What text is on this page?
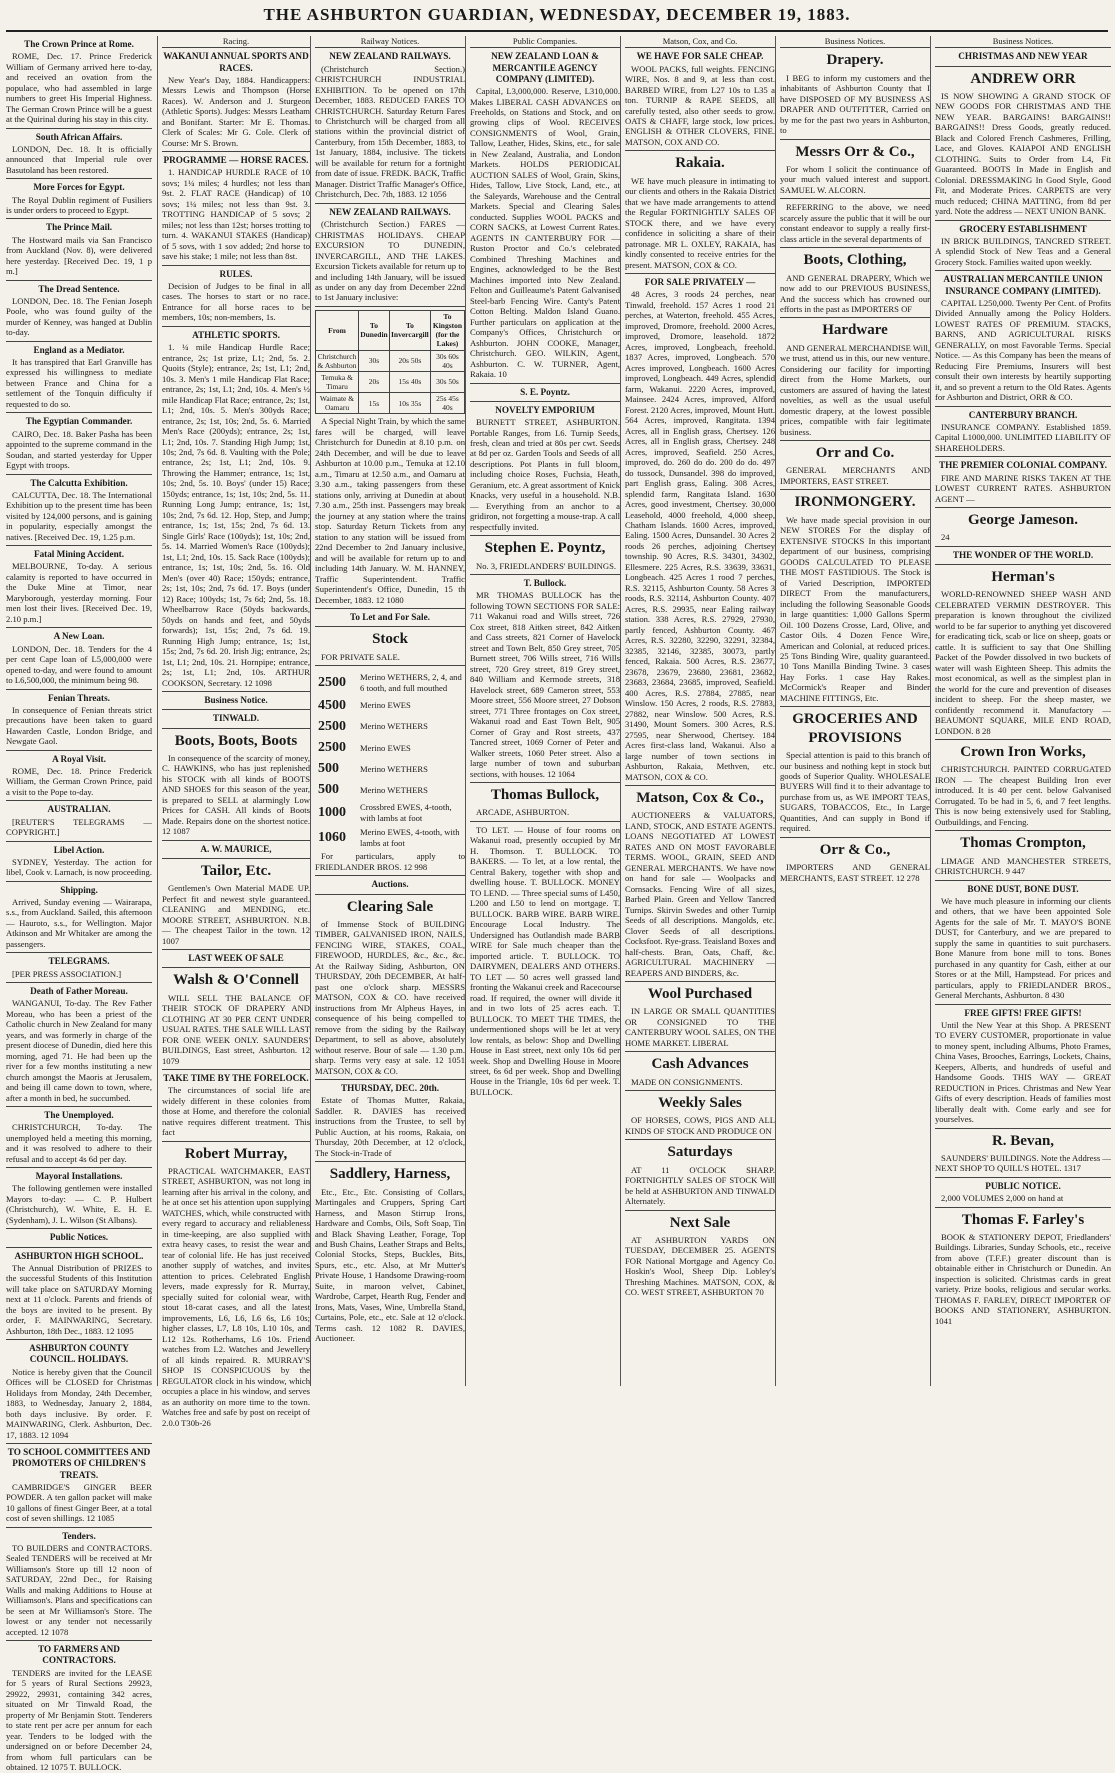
THE ASHBURTON GUARDIAN, WEDNESDAY, DECEMBER 19, 1883.
The Crown Prince at Rome.

ROME, Dec. 17. Prince Frederick William of Germany arrived here to-day, and received an ovation from the populace, who had assembled in large numbers to greet His Imperial Highness. The German Crown Prince will be a guest at the Quirinal during his stay in this city.

South African Affairs.

LONDON, Dec. 18. It is officially announced that Imperial rule over Basutoland has been restored.

More Forces for Egypt.

The Royal Dublin regiment of Fusiliers is under orders to proceed to Egypt.

The Prince Mail.

The Hostward mails via San Francisco from Auckland (Nov. 8), were delivered here yesterday. [Received Dec. 19, 1 p m.]

The Dread Sentence.

LONDON, Dec. 18. The Fenian Joseph Poole, who was found guilty of the murder of Kenney, was hanged at Dublin to-day.

England as a Mediator.

It has transpired that Earl Granville has expressed his willingness to mediate between France and China for a settlement of the Tonquin difficulty if requested to do so.

The Egyptian Commander.

CAIRO, Dec. 18. Baker Pasha has been appointed to the supreme command in the Soudan, and started yesterday for Upper Egypt with troops.

The Calcutta Exhibition.

CALCUTTA, Dec. 18. The International Exhibition up to the present time has been visited by 124,000 persons, and is gaining in popularity, especially amongst the natives. [Received Dec. 19, 1.25 p.m.

Fatal Mining Accident.

MELBOURNE, To-day. A serious calamity is reported to have occurred in the Duke Mine at Timor, near Maryborough, yesterday morning. Four men lost their lives. [Received Dec. 19, 2.10 p.m.]

A New Loan.

LONDON, Dec. 18. Tenders for the 4 per cent Cape loan of L5,000,000 were opened to-day, and were found to amount to L6,500,000, the minimum being 98.

Fenian Threats.

In consequence of Fenian threats strict precautions have been taken to guard Hawarden Castle, London Bridge, and Newgate Gaol.

A Royal Visit.

ROME, Dec. 18. Prince Frederick William, the German Crown Prince, paid a visit to the Pope to-day.

AUSTRALIAN.

[REUTER'S TELEGRAMS — COPYRIGHT.]

Libel Action.

SYDNEY, Yesterday. The action for libel, Cook v. Larnach, is now proceeding.

Shipping.

Arrived, Sunday evening — Wairarapa, s.s., from Auckland. Sailed, this afternoon — Hauroto, s.s., for Wellington. Major Atkinson and Mr Whitaker are among the passengers.

TELEGRAMS.

[PER PRESS ASSOCIATION.]

Death of Father Moreau.

WANGANUI, To-day. The Rev Father Moreau, who has been a priest of the Catholic church in New Zealand for many years, and was formerly in charge of the present diocese of Dunedin, died here this morning, aged 71. He had been up the river for a few months instituting a new church amongst the Maoris at Jerusalem, and being ill came down to town, where, after a month in bed, he succumbed.

The Unemployed.

CHRISTCHURCH, To-day. The unemployed held a meeting this morning, and it was resolved to adhere to their refusal and to accept 4s 6d per day.

Mayoral Installations.

The following gentlemen were installed Mayors to-day: — C. P. Hulbert (Christchurch), W. White, E. H. E. (Sydenham), J. L. Wilson (St Albans).

Public Notices.
ASHBURTON HIGH SCHOOL.

The Annual Distribution of PRIZES to the successful Students of this Institution will take place on SATURDAY Morning next at 11 o'clock. Parents and friends of the boys are invited to be present. By order, F. MAINWARING, Secretary. Ashburton, 18th Dec., 1883. 12 1095

ASHBURTON COUNTY COUNCIL. HOLIDAYS.

Notice is hereby given that the Council Offices will be CLOSED for Christmas Holidays from Monday, 24th December, 1883, to Wednesday, January 2, 1884, both days inclusive. By order. F. MAINWARING, Clerk. Ashburton, Dec. 17, 1883. 12 1094

TO SCHOOL COMMITTEES AND PROMOTERS OF CHILDREN'S TREATS.

CAMBRIDGE'S GINGER BEER POWDER. A ten gallon packet will make 10 gallons of finest Ginger Beer, at a total cost of seven shillings. 12 1085

Tenders.

TO BUILDERS and CONTRACTORS. Sealed TENDERS will be received at Mr Williamson's Store up till 12 noon of SATURDAY, 22nd Dec., for Raising Walls and making Additions to House at Williamson's. Plans and specifications can be seen at Mr Williamson's Store. The lowest or any tender not necessarily accepted. 12 1078

TO FARMERS AND CONTRACTORS.

TENDERS are invited for the LEASE for 5 years of Rural Sections 29923, 29922, 29931, containing 342 acres, situated on Mr Tinwald Road, the property of Mr Benjamin Stott. Tenderers to state rent per acre per annum for each year. Tenders to be lodged with the undersigned on or before December 24, from whom full particulars can be obtained. 12 1075 T. BULLOCK.

Racing.
WAKANUI ANNUAL SPORTS AND RACES.

New Year's Day, 1884. Handicappers: Messrs Lewis and Thompson (Horse Races). W. Anderson and J. Sturgeon (Athletic Sports). Judges: Messrs Leatham and Bonifant. Starter: Mr E. Thomas. Clerk of Scales: Mr G. Cole. Clerk of Course: Mr S. Brown.

PROGRAMME — HORSE RACES.

1. HANDICAP HURDLE RACE of 10 sovs; 1¼ miles; 4 hurdles; not less than 9st. 2. FLAT RACE (Handicap) of 10 sovs; 1¼ miles; not less than 9st. 3. TROTTING HANDICAP of 5 sovs; 2 miles; not less than 12st; horses trotting to turn. 4. WAKANUI STAKES (Handicap) of 5 sovs, with 1 sov added; 2nd horse to save his stake; 1 mile; not less than 8st.

RULES.

Decision of Judges to be final in all cases. The horses to start or no race. Entrance for all horse races to be members, 10s; non-members, 1s.

ATHLETIC SPORTS.

1. ¼ mile Handicap Hurdle Race; entrance, 2s; 1st prize, L1; 2nd, 5s. 2. Quoits (Style); entrance, 2s; 1st, L1; 2nd, 10s. 3. Men's 1 mile Handicap Flat Race; entrance, 2s; 1st, L1; 2nd, 10s. 4. Men's ½ mile Handicap Flat Race; entrance, 2s; 1st, L1; 2nd, 10s. 5. Men's 300yds Race; entrance, 2s; 1st, 10s; 2nd, 5s. 6. Married Men's Race (200yds); entrance, 2s; 1st, L1; 2nd, 10s. 7. Standing High Jump; 1st, 10s; 2nd, 7s 6d. 8. Vaulting with the Pole; entrance, 2s; 1st, L1; 2nd, 10s. 9. Throwing the Hammer; entrance, 1s; 1st, 10s; 2nd, 5s. 10. Boys' (under 15) Race; 150yds; entrance, 1s; 1st, 10s; 2nd, 5s. 11. Running Long Jump; entrance, 1s; 1st, 10s; 2nd, 7s 6d. 12. Hop, Step, and Jump; entrance, 1s; 1st, 15s; 2nd, 7s 6d. 13. Single Girls' Race (100yds); 1st, 10s; 2nd, 5s. 14. Married Women's Race (100yds); 1st, L1; 2nd, 10s. 15. Sack Race (100yds); entrance, 1s; 1st, 10s; 2nd, 5s. 16. Old Men's (over 40) Race; 150yds; entrance, 2s; 1st, 10s; 2nd, 7s 6d. 17. Boys (under 12) Race; 100yds; 1st, 7s 6d; 2nd, 5s. 18. Wheelbarrow Race (50yds backwards, 50yds on hands and feet, and 50yds forwards); 1st, 15s; 2nd, 7s 6d. 19. Running High Jump; entrance, 1s; 1st, 15s; 2nd, 7s 6d. 20. Irish Jig; entrance, 2s; 1st, L1; 2nd, 10s. 21. Hornpipe; entrance, 2s; 1st, L1; 2nd, 10s. ARTHUR COOKSON, Secretary. 12 1098

Business Notice.
TINWALD.
Boots, Boots, Boots

In consequence of the scarcity of money, C. HAWKINS, who has just replenished his STOCK with all kinds of BOOTS AND SHOES for this season of the year, is prepared to SELL at alarmingly Low Prices for CASH. All kinds of Boots Made. Repairs done on the shortest notice. 12 1087

A. W. MAURICE,
Tailor, Etc.

Gentlemen's Own Material MADE UP. Perfect fit and newest style guaranteed. CLEANING and MENDING, etc. MOORE STREET, ASHBURTON. N.B. — The cheapest Tailor in the town. 12 1007

LAST WEEK OF SALE
Walsh & O'Connell

WILL SELL THE BALANCE OF THEIR STOCK OF DRAPERY AND CLOTHING AT 30 PER CENT UNDER USUAL RATES. THE SALE WILL LAST FOR ONE WEEK ONLY. SAUNDERS' BUILDINGS, East street, Ashburton. 12 1079

TAKE TIME BY THE FORELOCK.

The circumstances of social life are widely different in these colonies from those at Home, and therefore the colonial native requires different treatment. This fact

Robert Murray,

PRACTICAL WATCHMAKER, EAST STREET, ASHBURTON, was not long in learning after his arrival in the colony, and he at once set his attention upon supplying WATCHES, which, while constructed with every regard to accuracy and reliableness in time-keeping, are also supplied with extra heavy cases, to resist the wear and tear of colonial life. He has just received another supply of watches, and invites attention to prices. Celebrated English levers, made expressly for R. Murray, specially suited for colonial wear, with stout 18-carat cases, and all the latest improvements, L6, L6, L6 6s, L6 10s; higher classes, L7, L8 10s, L10 10s, and L12 12s. Rotherhams, L6 10s. Friend watches from L2. Watches and Jewellery of all kinds repaired. R. MURRAY'S SHOP IS CONSPICUOUS by the REGULATOR clock in his window, which occupies a place in his window, and serves as an authority on more time to the town. Watches free and safe by post on receipt of 2.0.0 T30b-26

Railway Notices.
NEW ZEALAND RAILWAYS.

(Christchurch Section.) CHRISTCHURCH INDUSTRIAL EXHIBITION. To be opened on 17th December, 1883. REDUCED FARES TO CHRISTCHURCH. Saturday Return Fares to Christchurch will be charged from all stations within the provincial district of Canterbury, from 15th December, 1883, to 1st January, 1884, inclusive. The tickets will be available for return for a fortnight from date of issue. FREDK. BACK, Traffic Manager. District Traffic Manager's Office, Christchurch, Dec. 7th, 1883. 12 1056

NEW ZEALAND RAILWAYS.

(Christchurch Section.) FARES — CHRISTMAS HOLIDAYS. CHEAP EXCURSION TO DUNEDIN, INVERCARGILL, AND THE LAKES. Excursion Tickets available for return up to and including 14th January, will be issued as under on any day from December 22nd to 1st January inclusive:

From	To Dunedin	To Invercargill	To Kingston (for the Lakes)
Christchurch & Ashburton	30s	20s 50s	30s 60s 40s
Temuka & Timaru	20s	15s 40s	30s 50s
Waimate & Oamaru	15s	10s 35s	25s 45s 40s

A Special Night Train, by which the same fares will be charged, will leave Christchurch for Dunedin at 8.10 p.m. on 24th December, and will be due to leave Ashburton at 10.00 p.m., Temuka at 12.10 a.m., Timaru at 12.50 a.m., and Oamaru at 3.30 a.m., taking passengers from these stations only, arriving at Dunedin at about 7.30 a.m., 25th inst. Passengers may break the journey at any station where the trains stop. Saturday Return Tickets from any station to any station will be issued from 22nd December to 2nd January inclusive, and will be available for return up to and including 14th January. W. M. HANNEY, Traffic Superintendent. Traffic Superintendent's Office, Dunedin, 15 th December, 1883. 12 1080

To Let and For Sale.
Stock

FOR PRIVATE SALE.

2500	Merino WETHERS, 2, 4, and 6 tooth, and full mouthed
4500	Merino EWES
2500	Merino WETHERS
2500	Merino EWES
500	Merino WETHERS
500	Merino WETHERS
1000	Crossbred EWES, 4-tooth, with lambs at foot
1060	Merino EWES, 4-tooth, with lambs at foot

For particulars, apply to FRIEDLANDER BROS. 12 998

Auctions.
Clearing Sale

of Immense Stock of BUILDING TIMBER, GALVANISED IRON, NAILS, FENCING WIRE, STAKES, COAL, FIREWOOD, HURDLES, &c., &c., &c. At the Railway Siding, Ashburton, ON THURSDAY, 20th DECEMBER, At half-past one o'clock sharp. MESSRS MATSON, COX & CO. have received instructions from Mr Alpheus Hayes, in consequence of his being compelled to remove from the siding by the Railway Department, to sell as above, absolutely without reserve. Bour of sale — 1.30 p.m. sharp. Terms very easy at sale. 12 1051 MATSON, COX & CO.

THURSDAY, DEC. 20th.

Estate of Thomas Mutter, Rakaia, Saddler. R. DAVIES has received instructions from the Trustee, to sell by Public Auction, at his rooms, Rakaia, on Thursday, 20th December, at 12 o'clock, The Stock-in-Trade of

Saddlery, Harness,

Etc., Etc., Etc. Consisting of Collars, Martingales and Cruppers, Spring Cart Harness, and Mason Stirrup Irons, Hardware and Combs, Oils, Soft Soap, Tin and Black Shaving Leather, Forage, Top and Bush Chains, Leather Straps and Belts, Colonial Stocks, Steps, Buckles, Bits, Spurs, etc., etc. Also, at Mr Mutter's Private House, 1 Handsome Drawing-room Suite, in maroon velvet, Cabinet, Wardrobe, Carpet, Hearth Rug, Fender and Irons, Mats, Vases, Wine, Umbrella Stand, Curtains, Pole, etc., etc. Sale at 12 o'clock. Terms cash. 12 1082 R. DAVIES, Auctioneer.

Public Companies.
NEW ZEALAND LOAN & MERCANTILE AGENCY COMPANY (LIMITED).

Capital, L3,000,000. Reserve, L310,000. Makes LIBERAL CASH ADVANCES on Freeholds, on Stations and Stock, and on growing clips of Wool. RECEIVES CONSIGNMENTS of Wool, Grain, Tallow, Leather, Hides, Skins, etc., for sale in New Zealand, Australia, and London Markets. HOLDS PERIODICAL AUCTION SALES of Wool, Grain, Skins, Hides, Tallow, Live Stock, Land, etc., at the Saleyards, Warehouse and the Central Markets. Special and Clearing Sales conducted. Supplies WOOL PACKS and CORN SACKS, at Lowest Current Rates. AGENTS IN CANTERBURY FOR — Ruston Proctor and Co.'s celebrated Combined Threshing Machines and Engines, acknowledged to be the Best Machines imported into New Zealand. Felton and Guilleaume's Patent Galvanised Steel-barb Fencing Wire. Canty's Patent Cotton Belting. Maldon Island Guano. Further particulars on application at the Company's Offices, Christchurch or Ashburton. JOHN COOKE, Manager, Christchurch. GEO. WILKIN, Agent, Ashburton. C. W. TURNER, Agent, Rakaia. 10

S. E. Poyntz.
NOVELTY EMPORIUM

BURNETT STREET, ASHBURTON. Portable Ranges, from L6. Turnip Seeds, fresh, clean and tried at 80s per cwt. Seeds at 8d per oz. Garden Tools and Seeds of all descriptions. Pot Plants in full bloom, including choice Roses, Fuchsia, Heath, Geranium, etc. A great assortment of Knick Knacks, very useful in a household. N.B. — Everything from an anchor to a gridiron, not forgetting a mouse-trap. A call respectfully invited.

Stephen E. Poyntz,

No. 3, FRIEDLANDERS' BUILDINGS.

T. Bullock.

MR THOMAS BULLOCK has the following TOWN SECTIONS FOR SALE: 711 Wakanui road and Wills street, 726 Cox street, 818 Aitken street, 842 Aitken and Cass streets, 821 Corner of Havelock street and Town Belt, 850 Grey street, 705 Burnett street, 706 Wills street, 716 Wills street, 720 Grey street, 819 Grey street, 840 William and Kermode streets, 318 Havelock street, 689 Cameron street, 553 Moore street, 556 Moore street, 27 Dobson street, 771 Three frontages on Cox street, Wakanui road and East Town Belt, 905 Corner of Gray and Rost streets, 437 Tancred street, 1069 Corner of Peter and Walker streets, 1060 Peter street. Also a large number of town and suburban sections, with houses. 12 1064

Thomas Bullock,

ARCADE, ASHBURTON.

TO LET. — House of four rooms on Wakanui road, presently occupied by Mr H. Thomson. T. BULLOCK. TO BAKERS. — To let, at a low rental, the Central Bakery, together with shop and dwelling house. T. BULLOCK. MONEY TO LEND. — Three special sums of L450, L200 and L50 to lend on mortgage. T. BULLOCK. BARB WIRE. BARB WIRE. Encourage Local Industry. The Undersigned has Outlandish made BARB WIRE for Sale much cheaper than the imported article. T. BULLOCK. TO DAIRYMEN, DEALERS AND OTHERS. TO LET — 50 acres well grassed land fronting the Wakanui creek and Racecourse road. If required, the owner will divide it and in two lots of 25 acres each. T. BULLOCK. TO MEET THE TIMES, the undermentioned shops will be let at very low rentals, as below: Shop and Dwelling House in East street, next only 10s 6d per week. Shop and Dwelling House in Moore street, 6s 6d per week. Shop and Dwelling House in the Triangle, 10s 6d per week. T. BULLOCK.

Matson, Cox, and Co.
WE HAVE FOR SALE CHEAP.

WOOL PACKS, full weights. FENCING WIRE, Nos. 8 and 9, at less than cost. BARBED WIRE, from L27 10s to L35 a ton. TURNIP & RAPE SEEDS, all carefully tested, also other seeds to grow. OATS & CHAFF, large stock, low prices. ENGLISH & OTHER CLOVERS, FINE. MATSON, COX AND CO.

Rakaia.

WE have much pleasure in intimating to our clients and others in the Rakaia District that we have made arrangements to attend the Regular FORTNIGHTLY SALES OF STOCK there, and we have every confidence in soliciting a share of their patronage. MR L. OXLEY, RAKAIA, has kindly consented to receive entries for the present. MATSON, COX & CO.

FOR SALE PRIVATELY —

48 Acres, 3 roods 24 perches, near Tinwald, freehold. 157 Acres 1 rood 21 perches, at Waterton, freehold. 455 Acres, improved, Dromore, freehold. 2000 Acres, improved, Dromore, leasehold. 1872 Acres, improved, Longbeach, freehold. 1837 Acres, improved, Longbeach. 570 Acres improved, Longbeach. 1600 Acres improved, Longbeach. 449 Acres, splendid farm, Wakanui. 2220 Acres, improved, Mainsee. 2424 Acres, improved, Alford Forest. 2120 Acres, improved, Mount Hutt. 564 Acres, improved, Rangitata. 1394 Acres, all in English grass, Chertsey. 126 Acres, all in English grass, Chertsey. 248 Acres, improved, Seafield. 250 Acres, improved, do. 260 do do. 200 do do. 497 do tussock, Dunsandel. 398 do improved, part English grass, Ealing. 308 Acres, splendid farm, Rangitata Island. 1630 Acres, good investment, Chertsey. 30,000 Leasehold, 4000 freehold, 4,000 sheep, Chatham Islands. 1600 Acres, improved, Ealing. 1500 Acres, Dunsandel. 30 Acres 2 roods 26 perches, adjoining Chertsey township. 90 Acres, R.S. 34301, 34302, Ellesmere. 225 Acres, R.S. 33639, 33631, Longbeach. 425 Acres 1 rood 7 perches, R.S. 32115, Ashburton County. 58 Acres 3 roods, R.S. 32114, Ashburton County. 407 Acres, R.S. 29935, near Ealing railway station. 338 Acres, R.S. 27929, 27930, partly fenced, Ashburton County. 467 Acres, R.S. 32280, 32290, 32291, 32384, 32385, 32146, 32385, 30073, partly fenced, Rakaia. 500 Acres, R.S. 23677, 23678, 23679, 23680, 23681, 23682, 23683, 23684, 23685, improved, Seafield. 400 Acres, R.S. 27884, 27885, near Winslow. 150 Acres, 2 roods, R.S. 27883, 27882, near Winslow. 500 Acres, R.S. 31490, Mount Somers. 300 Acres, R.S. 27595, near Sherwood, Chertsey. 184 Acres first-class land, Wakanui. Also a large number of town sections in Ashburton, Rakaia, Methven, etc. MATSON, COX & CO.

Matson, Cox & Co.,

AUCTIONEERS & VALUATORS, LAND, STOCK, AND ESTATE AGENTS. LOANS NEGOTIATED AT LOWEST RATES AND ON MOST FAVORABLE TERMS. WOOL, GRAIN, SEED AND GENERAL MERCHANTS. We have now on hand for sale — Woolpacks and Cornsacks. Fencing Wire of all sizes, Barbed Plain. Green and Yellow Tancred Turnips. Skirvin Swedes and other Turnip Seeds of all descriptions. Mangolds, etc. Clover Seeds of all descriptions. Cocksfoot. Rye-grass. Teaisland Boxes and half-chests. Bran, Oats, Chaff, &c. AGRICULTURAL MACHINERY — REAPERS AND BINDERS, &c.

Wool Purchased

IN LARGE OR SMALL QUANTITIES OR CONSIGNED TO THE CANTERBURY WOOL SALES, ON THE HOME MARKET. LIBERAL

Cash Advances

MADE ON CONSIGNMENTS.

Weekly Sales

OF HORSES, COWS, PIGS AND ALL KINDS OF STOCK AND PRODUCE ON

Saturdays

AT 11 O'CLOCK SHARP. FORTNIGHTLY SALES OF STOCK Will be held at ASHBURTON AND TINWALD Alternately.

Next Sale

AT ASHBURTON YARDS ON TUESDAY, DECEMBER 25. AGENTS FOR National Mortgage and Agency Co. Hoskin's Wool, Sheep Dip. Lobley's Threshing Machines. MATSON, COX, & CO. WEST STREET, ASHBURTON 70

Business Notices.
Drapery.

I BEG to inform my customers and the inhabitants of Ashburton County that I have DISPOSED OF MY BUSINESS AS DRAPER AND OUTFITTER, Carried on by me for the past two years in Ashburton, to

Messrs Orr & Co.,

For whom I solicit the continuance of your much valued interest and support. SAMUEL W. ALCORN.

REFERRING to the above, we need scarcely assure the public that it will be our constant endeavor to supply a really first-class article in the several departments of

Boots, Clothing,

AND GENERAL DRAPERY, Which we now add to our PREVIOUS BUSINESS, And the success which has crowned our efforts in the past as IMPORTERS OF

Hardware

AND GENERAL MERCHANDISE Will, we trust, attend us in this, our new venture. Considering our facility for importing direct from the Home Markets, our customers are assured of having the latest novelties, as well as the usual useful domestic drapery, at the lowest possible prices, compatible with fair legitimate business.

Orr and Co.

GENERAL MERCHANTS AND IMPORTERS, EAST STREET.

IRONMONGERY.

We have made special provision in our NEW STORES For the display of EXTENSIVE STOCKS In this important department of our business, comprising GOODS CALCULATED TO PLEASE THE MOST FASTIDIOUS. The Stock is of Varied Description, IMPORTED DIRECT From the manufacturers, including the following Seasonable Goods in large quantities: 1,000 Gallons Sperm Oil. 100 Dozens Crosse, Lard, Olive, and Castor Oils. 4 Dozen Fence Wire, American and Colonial, at reduced prices. 25 Tons Binding Wire, quality guaranteed. 10 Tons Manilla Binding Twine. 3 cases Hay Forks. 1 case Hay Rakes. McCormick's Reaper and Binder MACHINE FITTINGS, Etc.

GROCERIES AND PROVISIONS

Special attention is paid to this branch of our business and nothing kept in stock but goods of Superior Quality. WHOLESALE BUYERS Will find it to their advantage to purchase from us, as WE IMPORT TEAS, SUGARS, TOBACCOS, Etc., In Large Quantities, And can supply in Bond if required.

Orr & Co.,

IMPORTERS AND GENERAL MERCHANTS, EAST STREET. 12 278

Business Notices.
CHRISTMAS AND NEW YEAR
ANDREW ORR

IS NOW SHOWING A GRAND STOCK OF NEW GOODS FOR CHRISTMAS AND THE NEW YEAR. BARGAINS! BARGAINS!! BARGAINS!! Dress Goods, greatly reduced. Black and Colored French Cashmeres, Frilling, Lace, and Gloves. KAIAPOI AND ENGLISH CLOTHING. Suits to Order from L4, Fit Guaranteed. BOOTS In Made in English and Colonial. DRESSMAKING In Good Style, Good Fit, and Moderate Prices. CARPETS are very much reduced; CHINA MATTING, from 8d per yard. Note the address — NEXT UNION BANK.

GROCERY ESTABLISHMENT

IN BRICK BUILDINGS, TANCRED STREET. A splendid Stock of New Teas and a General Grocery Stock. Families waited upon weekly.

AUSTRALIAN MERCANTILE UNION INSURANCE COMPANY (LIMITED).

CAPITAL L250,000. Twenty Per Cent. of Profits Divided Annually among the Policy Holders. LOWEST RATES OF PREMIUM. STACKS, BARNS, AND AGRICULTURAL RISKS GENERALLY, on most Favorable Terms. Special Notice. — As this Company has been the means of Reducing Fire Premiums, Insurers will best consult their own interests by heartily supporting it, and so prevent a return to the Old Rates. Agents for Ashburton and District, ORR & CO.

CANTERBURY BRANCH.

INSURANCE COMPANY. Established 1859. Capital L1000,000. UNLIMITED LIABILITY OF SHAREHOLDERS.

THE PREMIER COLONIAL COMPANY.

FIRE AND MARINE RISKS TAKEN AT THE LOWEST CURRENT RATES. ASHBURTON AGENT —

George Jameson.

24

THE WONDER OF THE WORLD.
Herman's

WORLD-RENOWNED SHEEP WASH AND CELEBRATED VERMIN DESTROYER. This preparation is known throughout the civilized world to be far superior to anything yet discovered for eradicating tick, scab or lice on sheep, goats or cattle. It is sufficient to say that One Shilling Packet of the Powder dissolved in two buckets of water will wash Eighteen Sheep. This admits the most economical, as well as the simplest plan in the world for the cure and prevention of diseases incident to sheep. For the sheep master, we confidently recommend it. Manufactory — BEAUMONT SQUARE, MILE END ROAD, LONDON. 8 28

Crown Iron Works,

CHRISTCHURCH. PAINTED CORRUGATED IRON — The cheapest Building Iron ever introduced. It is 40 per cent. below Galvanised Corrugated. To be had in 5, 6, and 7 feet lengths. This is now being extensively used for Stabling, Outbuildings, and Fencing.

Thomas Crompton,

LIMAGE AND MANCHESTER STREETS, CHRISTCHURCH. 9 447

BONE DUST, BONE DUST.

We have much pleasure in informing our clients and others, that we have been appointed Sole Agents for the sale of Mr. T. MAYO'S BONE DUST, for Canterbury, and we are prepared to supply the same in quantities to suit purchasers. Bone Manure from bone mill to tons. Bones purchased in any quantity for Cash, either at our Stores or at the Mill, Hampstead. For prices and particulars, apply to FRIEDLANDER BROS., General Merchants, Ashburton. 8 430

FREE GIFTS! FREE GIFTS!

Until the New Year at this Shop. A PRESENT TO EVERY CUSTOMER, proportionate in value to money spent, including Albums, Photo Frames, China Vases, Brooches, Earrings, Lockets, Chains, Keepers, Alberts, and hundreds of useful and Handsome Goods. THIS WAY — GREAT REDUCTION in Prices. Christmas and New Year Gifts of every description. Heads of families most liberally dealt with. Come early and see for yourselves.

R. Bevan,

SAUNDERS' BUILDINGS. Note the Address — NEXT SHOP TO QUILL'S HOTEL. 1317

PUBLIC NOTICE.

2,000 VOLUMES 2,000 on hand at

Thomas F. Farley's

BOOK & STATIONERY DEPOT, Friedlanders' Buildings. Libraries, Sunday Schools, etc., receive from above (T.F.F.) greater discount than is obtainable either in Christchurch or Dunedin. An inspection is solicited. Christmas cards in great variety. Prize books, religious and secular works. THOMAS F. FARLEY, DIRECT IMPORTER OF BOOKS AND STATIONERY, ASHBURTON. 1041
